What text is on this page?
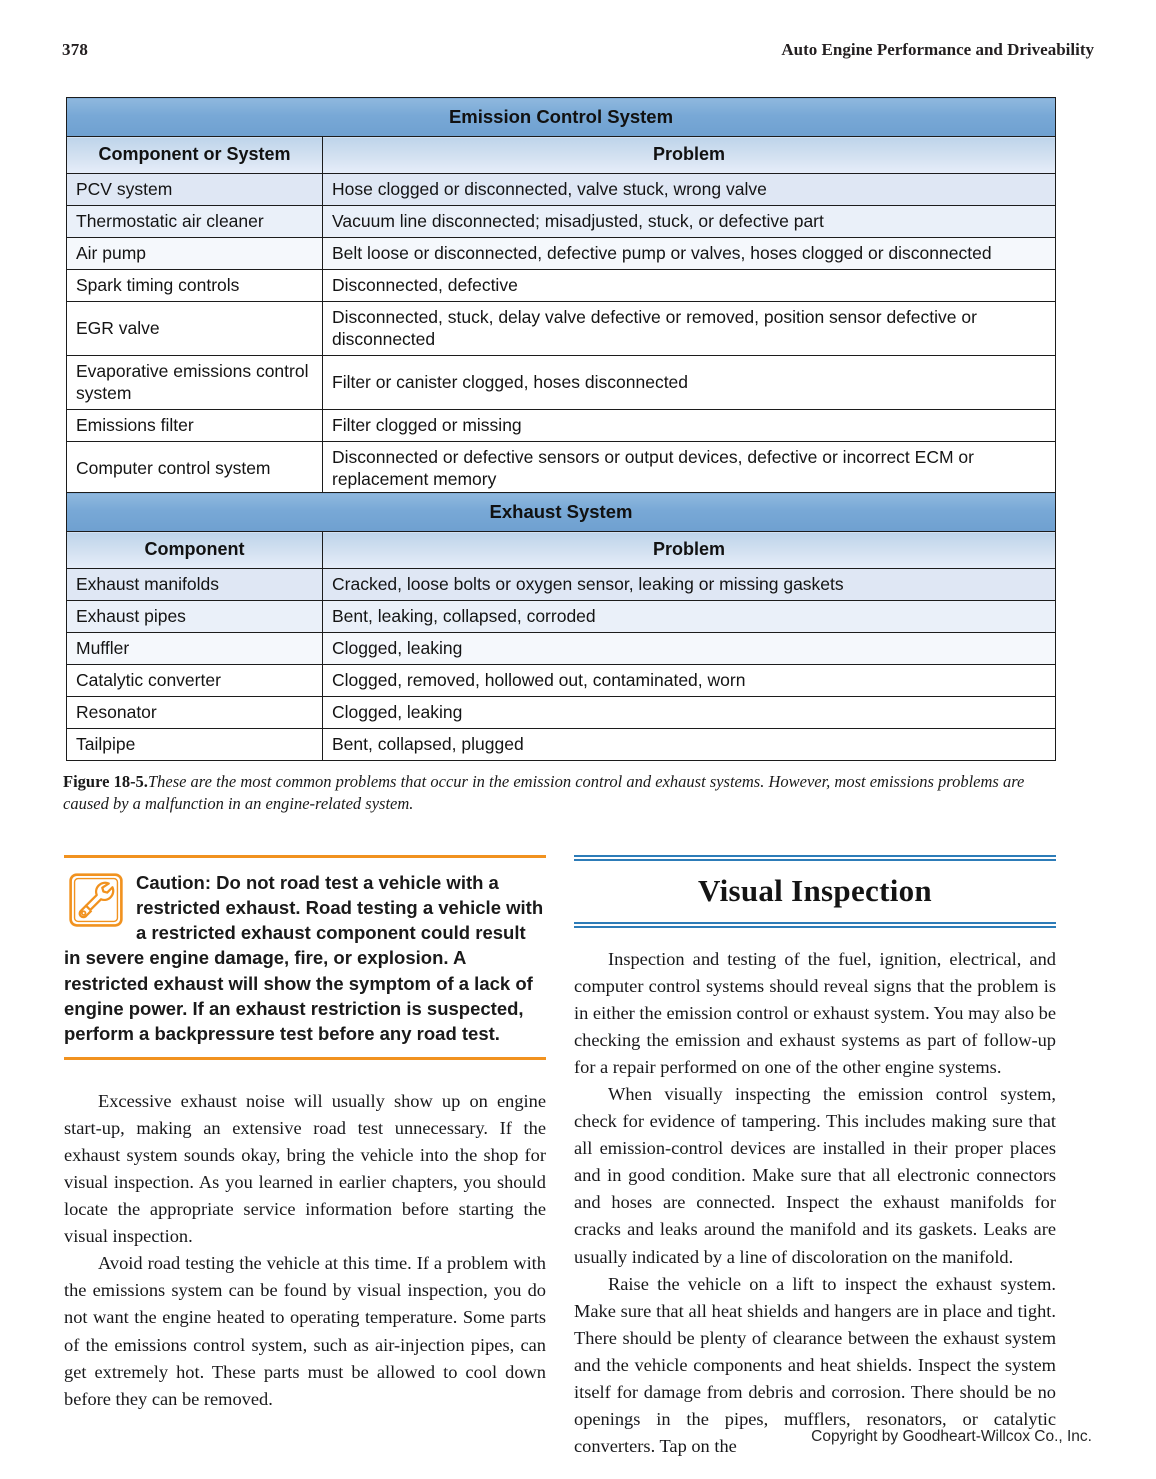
378	Auto Engine Performance and Driveability
Emission Control System	
Component or System	Problem
PCV system	Hose clogged or disconnected, valve stuck, wrong valve
Thermostatic air cleaner	Vacuum line disconnected; misadjusted, stuck, or defective part
Air pump	Belt loose or disconnected, defective pump or valves, hoses clogged or disconnected
Spark timing controls	Disconnected, defective
EGR valve	Disconnected, stuck, delay valve defective or removed, position sensor defective or disconnected
Evaporative emissions control system	Filter or canister clogged, hoses disconnected
Emissions filter	Filter clogged or missing
Computer control system	Disconnected or defective sensors or output devices, defective or incorrect ECM or replacement memory
Exhaust System	
Component	Problem
Exhaust manifolds	Cracked, loose bolts or oxygen sensor, leaking or missing gaskets
Exhaust pipes	Bent, leaking, collapsed, corroded
Muffler	Clogged, leaking
Catalytic converter	Clogged, removed, hollowed out, contaminated, worn
Resonator	Clogged, leaking
Tailpipe	Bent, collapsed, plugged
Figure 18-5.These are the most common problems that occur in the emission control and exhaust systems. However, most emissions problems are caused by a malfunction in an engine-related system.
Caution: Do not road test a vehicle with a restricted exhaust. Road testing a vehicle with a restricted exhaust component could result in severe engine damage, fire, or explosion. A restricted exhaust will show the symptom of a lack of engine power. If an exhaust restriction is suspected, perform a backpressure test before any road test.

Excessive exhaust noise will usually show up on engine start-up, making an extensive road test unnecessary. If the exhaust system sounds okay, bring the vehicle into the shop for visual inspection. As you learned in earlier chapters, you should locate the appropriate service information before starting the visual inspection.

Avoid road testing the vehicle at this time. If a problem with the emissions system can be found by visual inspection, you do not want the engine heated to operating temperature. Some parts of the emissions control system, such as air-injection pipes, can get extremely hot. These parts must be allowed to cool down before they can be removed.

Visual Inspection

Inspection and testing of the fuel, ignition, electrical, and computer control systems should reveal signs that the problem is in either the emission control or exhaust system. You may also be checking the emission and exhaust systems as part of follow-up for a repair performed on one of the other engine systems.

When visually inspecting the emission control system, check for evidence of tampering. This includes making sure that all emission-control devices are installed in their proper places and in good condition. Make sure that all electronic connectors and hoses are connected. Inspect the exhaust manifolds for cracks and leaks around the manifold and its gaskets. Leaks are usually indicated by a line of discoloration on the manifold.

Raise the vehicle on a lift to inspect the exhaust system. Make sure that all heat shields and hangers are in place and tight. There should be plenty of clearance between the exhaust system and the vehicle components and heat shields. Inspect the system itself for damage from debris and corrosion. There should be no openings in the pipes, mufflers, resonators, or catalytic converters. Tap on the	Copyright by Goodheart-Willcox Co., Inc.
